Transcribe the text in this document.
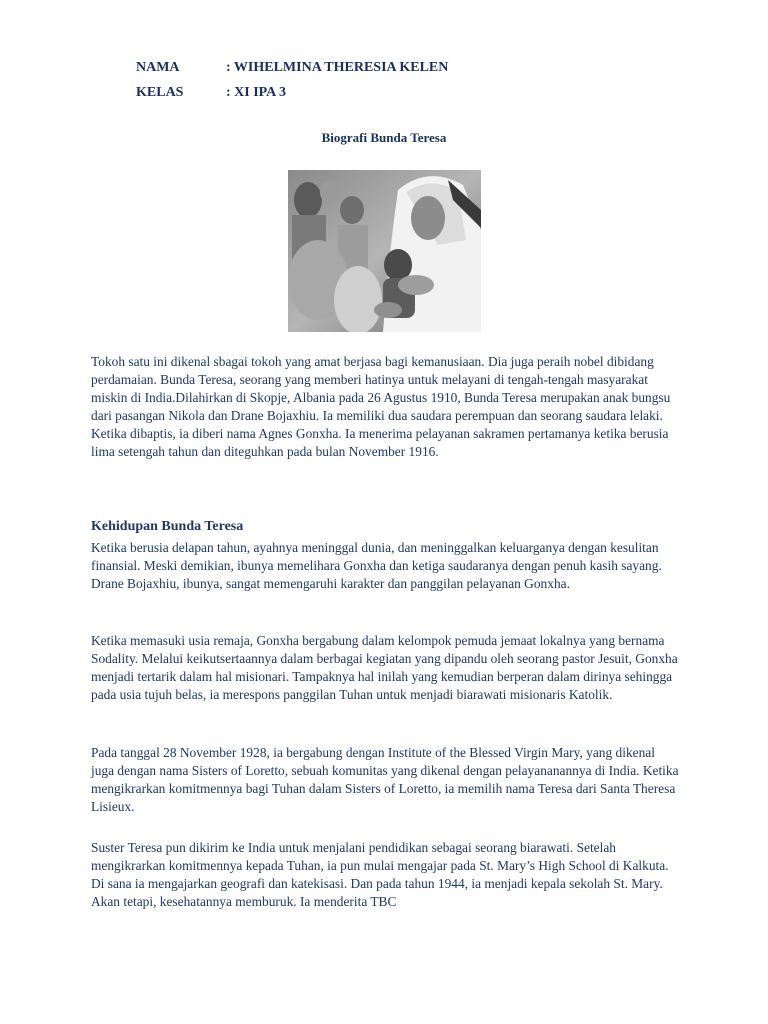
NAMA	: WIHELMINA THERESIA KELEN
KELAS	: XI IPA 3
Biografi Bunda Teresa

Tokoh satu ini dikenal sbagai tokoh yang amat berjasa bagi kemanusiaan. Dia juga peraih nobel dibidang perdamaian. Bunda Teresa, seorang yang memberi hatinya untuk melayani di tengah-tengah masyarakat miskin di India.Dilahirkan di Skopje, Albania pada 26 Agustus 1910, Bunda Teresa merupakan anak bungsu dari pasangan Nikola dan Drane Bojaxhiu. Ia memiliki dua saudara perempuan dan seorang saudara lelaki. Ketika dibaptis, ia diberi nama Agnes Gonxha. Ia menerima pelayanan sakramen pertamanya ketika berusia lima setengah tahun dan diteguhkan pada bulan November 1916.

Kehidupan Bunda Teresa

Ketika berusia delapan tahun, ayahnya meninggal dunia, dan meninggalkan keluarganya dengan kesulitan finansial. Meski demikian, ibunya memelihara Gonxha dan ketiga saudaranya dengan penuh kasih sayang. Drane Bojaxhiu, ibunya, sangat memengaruhi karakter dan panggilan pelayanan Gonxha.

Ketika memasuki usia remaja, Gonxha bergabung dalam kelompok pemuda jemaat lokalnya yang bernama Sodality. Melalui keikutsertaannya dalam berbagai kegiatan yang dipandu oleh seorang pastor Jesuit, Gonxha menjadi tertarik dalam hal misionari. Tampaknya hal inilah yang kemudian berperan dalam dirinya sehingga pada usia tujuh belas, ia merespons panggilan Tuhan untuk menjadi biarawati misionaris Katolik.

Pada tanggal 28 November 1928, ia bergabung dengan Institute of the Blessed Virgin Mary, yang dikenal juga dengan nama Sisters of Loretto, sebuah komunitas yang dikenal dengan pelayananannya di India. Ketika mengikrarkan komitmennya bagi Tuhan dalam Sisters of Loretto, ia memilih nama Teresa dari Santa Theresa Lisieux.

Suster Teresa pun dikirim ke India untuk menjalani pendidikan sebagai seorang biarawati. Setelah mengikrarkan komitmennya kepada Tuhan, ia pun mulai mengajar pada St. Mary’s High School di Kalkuta. Di sana ia mengajarkan geografi dan katekisasi. Dan pada tahun 1944, ia menjadi kepala sekolah St. Mary. Akan tetapi, kesehatannya memburuk. Ia menderita TBC
